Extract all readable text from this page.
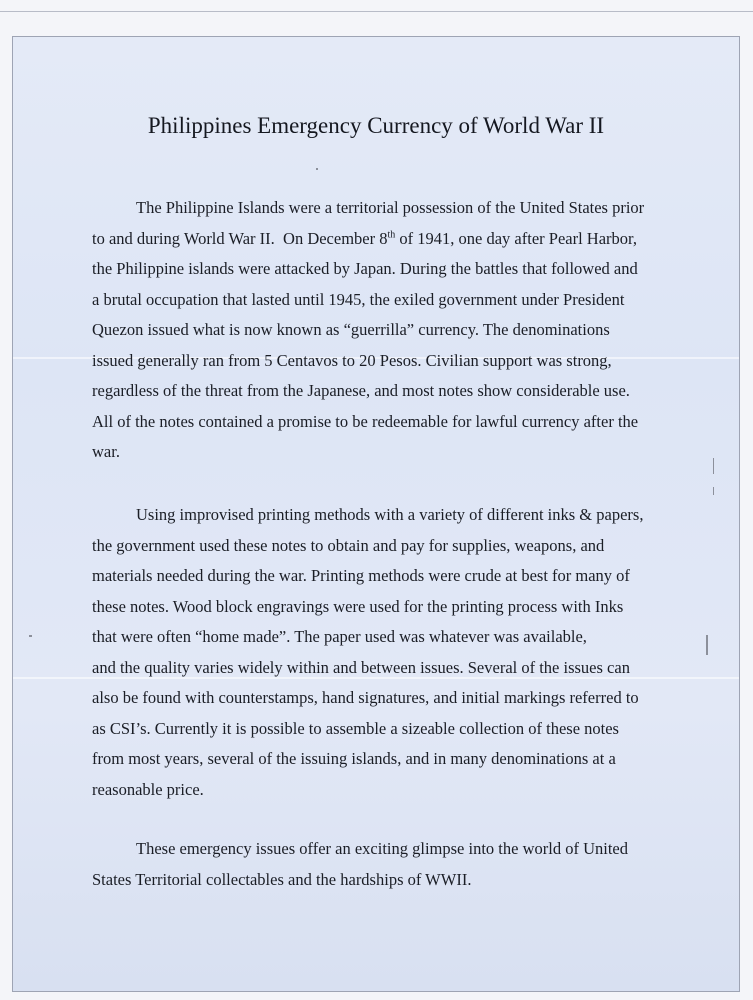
Philippines Emergency Currency of World War II

The Philippine Islands were a territorial possession of the United States prior
to and during World War II.  On December 8th of 1941, one day after Pearl Harbor,
the Philippine islands were attacked by Japan. During the battles that followed and
a brutal occupation that lasted until 1945, the exiled government under President
Quezon issued what is now known as “guerrilla” currency. The denominations
issued generally ran from 5 Centavos to 20 Pesos. Civilian support was strong,
regardless of the threat from the Japanese, and most notes show considerable use.
All of the notes contained a promise to be redeemable for lawful currency after the
war.

Using improvised printing methods with a variety of different inks & papers,
the government used these notes to obtain and pay for supplies, weapons, and
materials needed during the war. Printing methods were crude at best for many of
these notes. Wood block engravings were used for the printing process with Inks
that were often “home made”. The paper used was whatever was available,
and the quality varies widely within and between issues. Several of the issues can
also be found with counterstamps, hand signatures, and initial markings referred to
as CSI’s. Currently it is possible to assemble a sizeable collection of these notes
from most years, several of the issuing islands, and in many denominations at a
reasonable price.

These emergency issues offer an exciting glimpse into the world of United
States Territorial collectables and the hardships of WWII.
